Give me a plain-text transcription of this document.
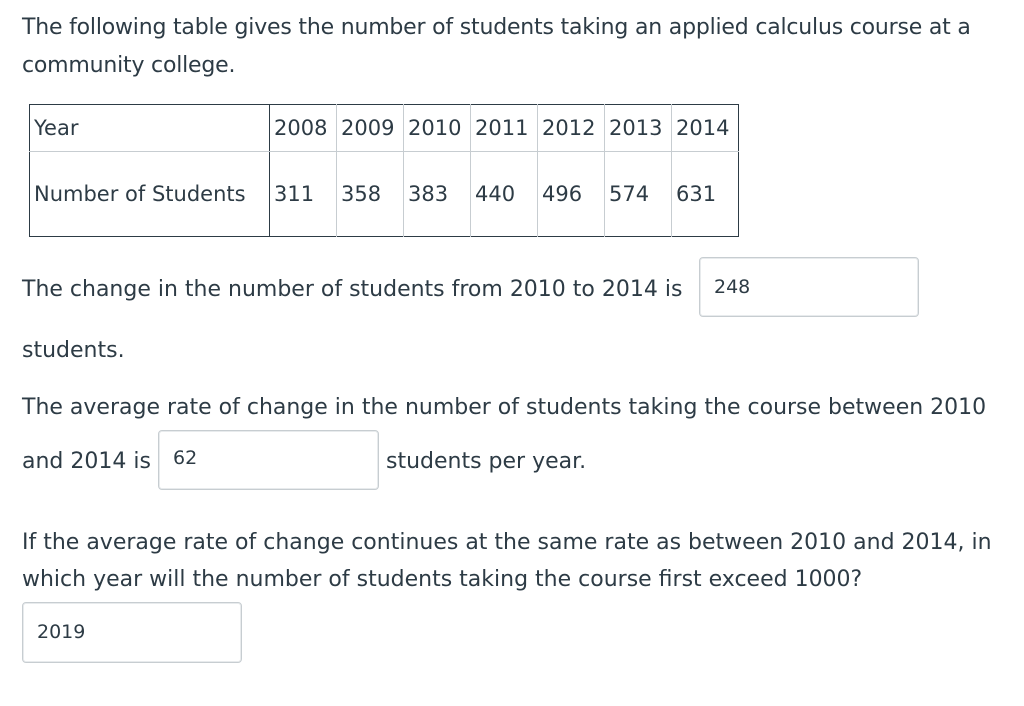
The following table gives the number of students taking an applied calculus course at a community college.

Year	2008	2009	2010	2011	2012	2013	2014
Number of Students	311	358	383	440	496	574	631
The change in the number of students from 2010 to 2014 is
students.
The average rate of change in the number of students taking the course between 2010
and 2014 is	students per year.
If the average rate of change continues at the same rate as between 2010 and 2014, in
which year will the number of students taking the course first exceed 1000?
248
62
2019
